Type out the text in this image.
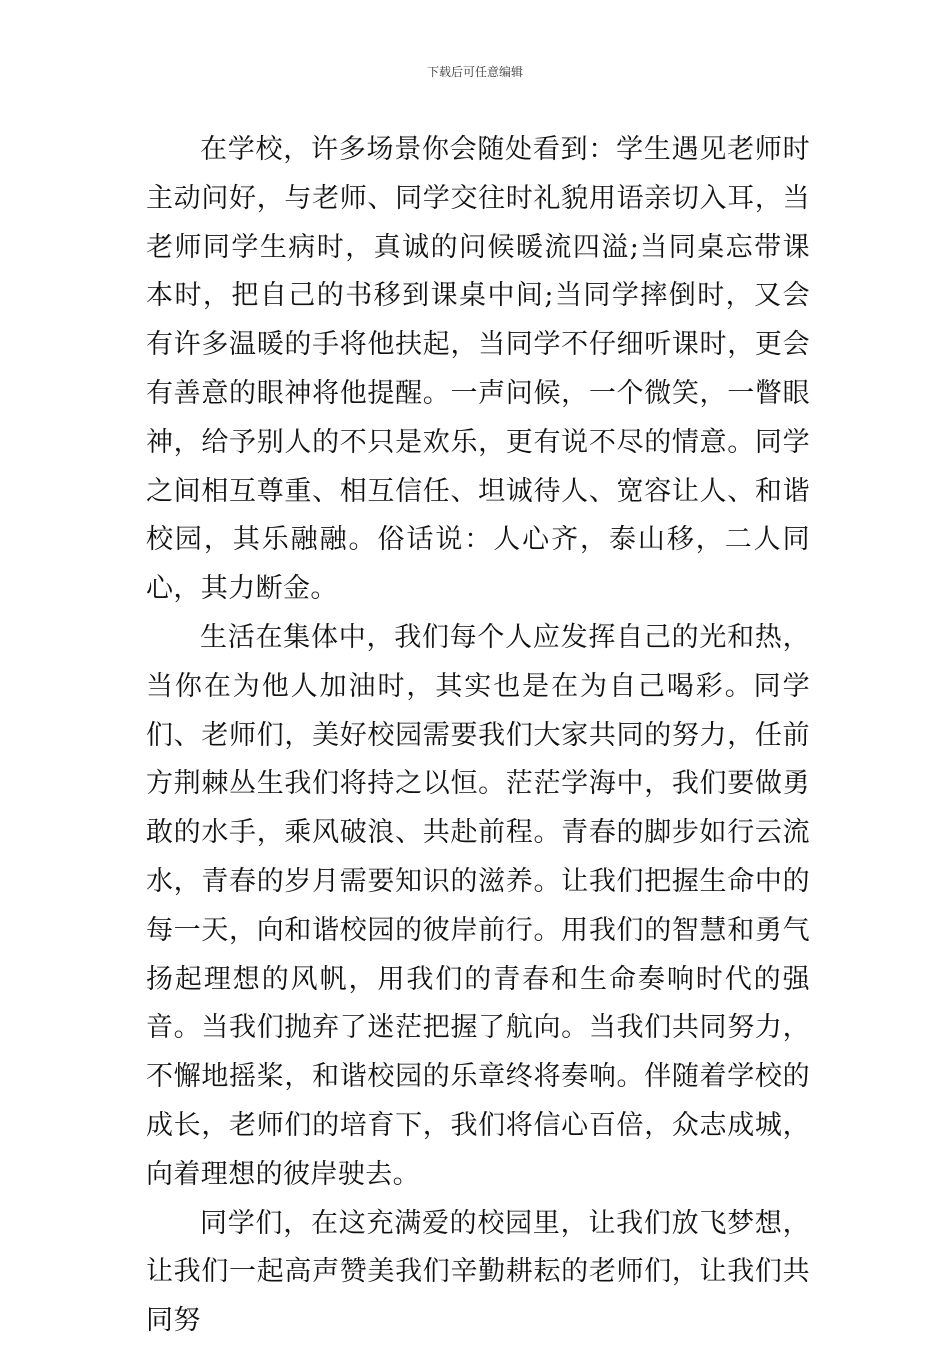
下载后可任意编辑

在学校，许多场景你会随处看到：学生遇见老师时主动问好，与老师、同学交往时礼貌用语亲切入耳，当老师同学生病时，真诚的问候暖流四溢;当同桌忘带课本时，把自己的书移到课桌中间;当同学摔倒时，又会有许多温暖的手将他扶起，当同学不仔细听课时，更会有善意的眼神将他提醒。一声问候，一个微笑，一瞥眼神，给予别人的不只是欢乐，更有说不尽的情意。同学之间相互尊重、相互信任、坦诚待人、宽容让人、和谐校园，其乐融融。俗话说：人心齐，泰山移，二人同心，其力断金。

生活在集体中，我们每个人应发挥自己的光和热，当你在为他人加油时，其实也是在为自己喝彩。同学们、老师们，美好校园需要我们大家共同的努力，任前方荆棘丛生我们将持之以恒。茫茫学海中，我们要做勇敢的水手，乘风破浪、共赴前程。青春的脚步如行云流水，青春的岁月需要知识的滋养。让我们把握生命中的每一天，向和谐校园的彼岸前行。用我们的智慧和勇气扬起理想的风帆，用我们的青春和生命奏响时代的强音。当我们抛弃了迷茫把握了航向。当我们共同努力，不懈地摇桨，和谐校园的乐章终将奏响。伴随着学校的成长，老师们的培育下，我们将信心百倍，众志成城，向着理想的彼岸驶去。

同学们，在这充满爱的校园里，让我们放飞梦想，让我们一起高声赞美我们辛勤耕耘的老师们，让我们共同努
